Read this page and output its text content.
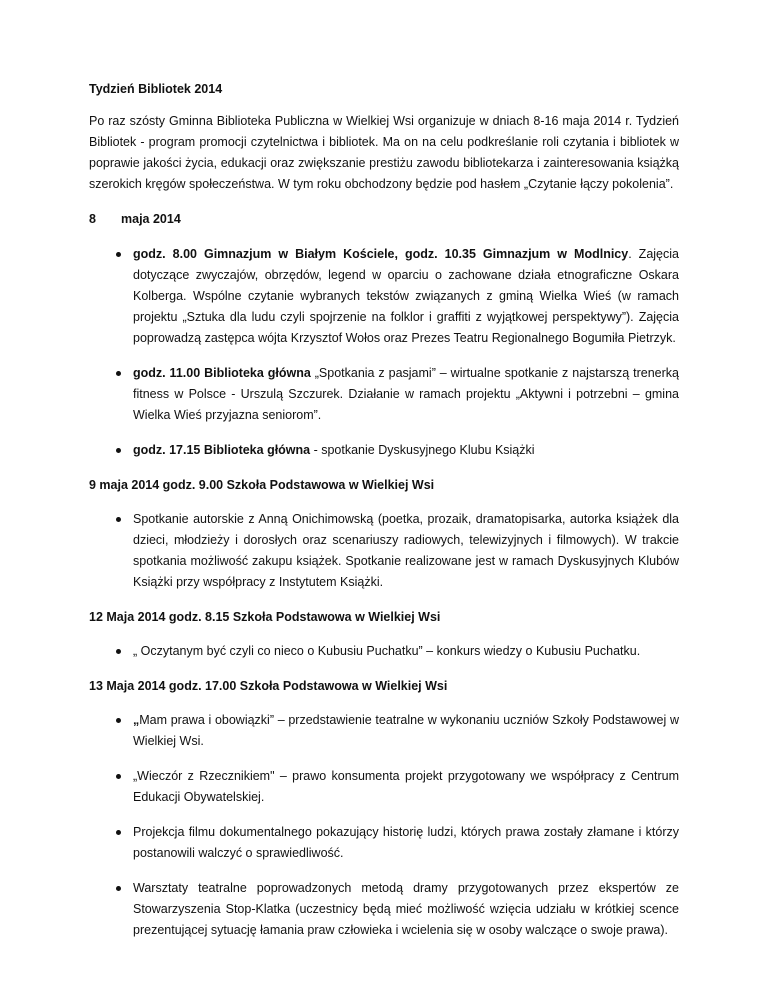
Tydzień Bibliotek 2014

Po raz szósty Gminna Biblioteka Publiczna w Wielkiej Wsi organizuje w dniach 8-16 maja 2014 r. Tydzień Bibliotek - program promocji czytelnictwa i bibliotek. Ma on na celu podkreślanie roli czytania i bibliotek w poprawie jakości życia, edukacji oraz zwiększanie prestiżu zawodu bibliotekarza i zainteresowania książką szerokich kręgów społeczeństwa. W tym roku obchodzony będzie pod hasłem „Czytanie łączy pokolenia”.

8 maja 2014

godz. 8.00 Gimnazjum w Białym Kościele, godz. 10.35 Gimnazjum w Modlnicy. Zajęcia dotyczące zwyczajów, obrzędów, legend w oparciu o zachowane działa etnograficzne Oskara Kolberga. Wspólne czytanie wybranych tekstów związanych z gminą Wielka Wieś (w ramach projektu „Sztuka dla ludu czyli spojrzenie na folklor i graffiti z wyjątkowej perspektywy”). Zajęcia poprowadzą zastępca wójta Krzysztof Wołos oraz Prezes Teatru Regionalnego Bogumiła Pietrzyk.
godz. 11.00 Biblioteka główna „Spotkania z pasjami” – wirtualne spotkanie z najstarszą trenerką fitness w Polsce - Urszulą Szczurek. Działanie w ramach projektu „Aktywni i potrzebni – gmina Wielka Wieś przyjazna seniorom”.
godz. 17.15 Biblioteka główna - spotkanie Dyskusyjnego Klubu Książki

9 maja 2014 godz. 9.00 Szkoła Podstawowa w Wielkiej Wsi

Spotkanie autorskie z Anną Onichimowską (poetka, prozaik, dramatopisarka, autorka książek dla dzieci, młodzieży i dorosłych oraz scenariuszy radiowych, telewizyjnych i filmowych). W trakcie spotkania możliwość zakupu książek. Spotkanie realizowane jest w ramach Dyskusyjnych Klubów Książki przy współpracy z Instytutem Książki.

12 Maja 2014 godz. 8.15 Szkoła Podstawowa w Wielkiej Wsi

„ Oczytanym być czyli co nieco o Kubusiu Puchatku” – konkurs wiedzy o Kubusiu Puchatku.

13 Maja 2014 godz. 17.00 Szkoła Podstawowa w Wielkiej Wsi

„Mam prawa i obowiązki” – przedstawienie teatralne w wykonaniu uczniów Szkoły Podstawowej w Wielkiej Wsi.
„Wieczór z Rzecznikiem" – prawo konsumenta projekt przygotowany we współpracy z Centrum Edukacji Obywatelskiej.
Projekcja filmu dokumentalnego pokazujący historię ludzi, których prawa zostały złamane i którzy postanowili walczyć o sprawiedliwość.
Warsztaty teatralne poprowadzonych metodą dramy przygotowanych przez ekspertów ze Stowarzyszenia Stop-Klatka (uczestnicy będą mieć możliwość wzięcia udziału w krótkiej scence prezentującej sytuację łamania praw człowieka i wcielenia się w osoby walczące o swoje prawa).
